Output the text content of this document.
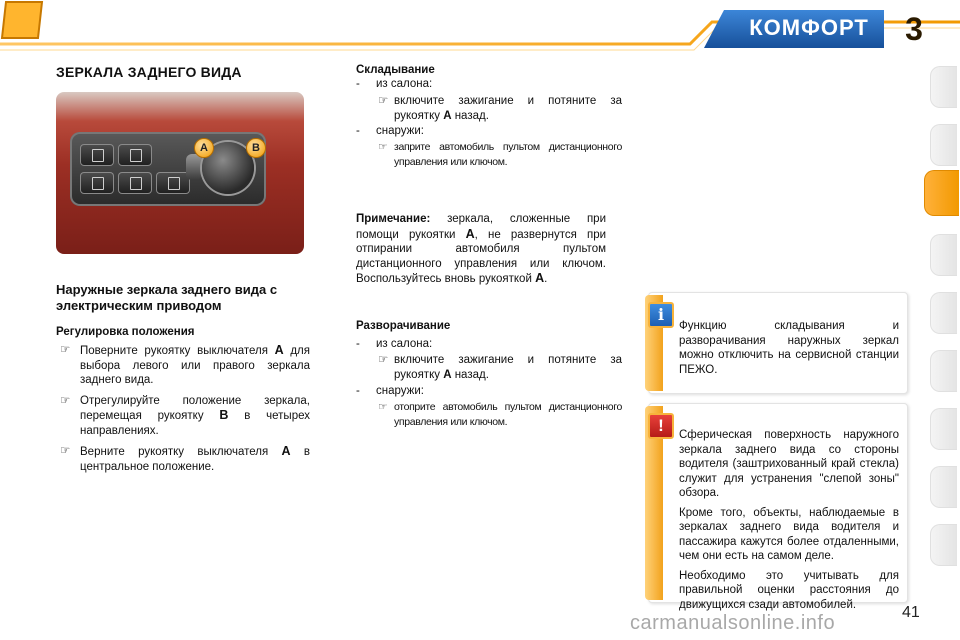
КОМФОРТ	3
ЗЕРКАЛА ЗАДНЕГО ВИДА
A	B
Наружные зеркала заднего вида с электрическим приводом
Регулировка положения
☞ Поверните рукоятку выключателя A для выбора левого или правого зеркала заднего вида.
☞ Отрегулируйте положение зеркала, перемещая рукоятку B в четырех направлениях.
☞ Верните рукоятку выключателя A в центральное положение.
Складывание
- из салона:
☞ включите зажигание и потяните за рукоятку A назад.
- снаружи:
☞ заприте автомобиль пультом дистанционного управления или ключом.
Примечание: зеркала, сложенные при помощи рукоятки A, не развернутся при отпирании автомобиля пультом дистанционного управления или ключом. Воспользуйтесь вновь рукояткой A.
Разворачивание
- из салона:
☞ включите зажигание и потяните за рукоятку A назад.
- снаружи:
☞ отоприте автомобиль пультом дистанционного управления или ключом.
Функцию складывания и разворачивания наружных зеркал можно отключить на сервисной станции ПЕЖО.
i

Сферическая поверхность наружного зеркала заднего вида со стороны водителя (заштрихованный край стекла) служит для устранения "слепой зоны" обзора.

Кроме того, объекты, наблюдаемые в зеркалах заднего вида водителя и пассажира кажутся более отдаленными, чем они есть на самом деле.

Необходимо это учитывать для правильной оценки расстояния до движущихся сзади автомобилей.

!
carmanualsonline.info	41
